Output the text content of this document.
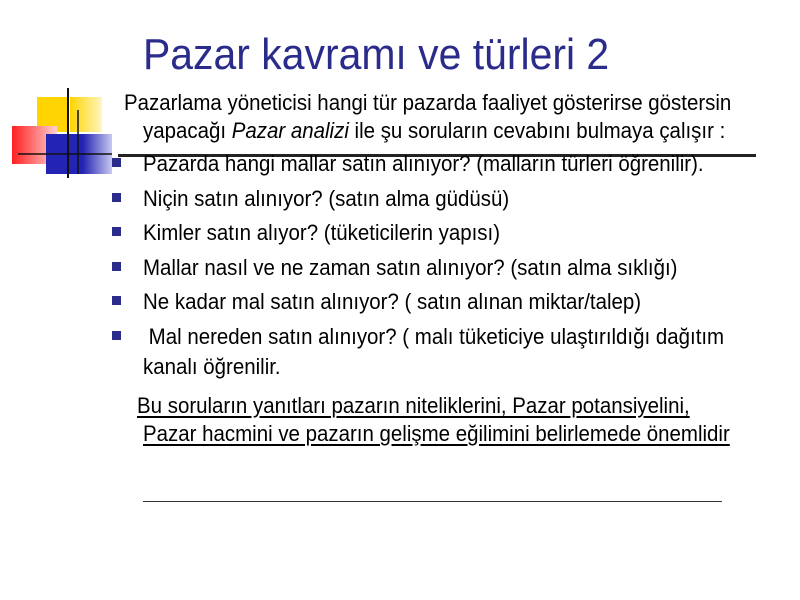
Pazar kavramı ve türleri 2
Pazarlama yöneticisi hangi tür pazarda faaliyet gösterirse göstersin
yapacağı Pazar analizi ile şu soruların cevabını bulmaya çalışır :
Pazarda hangi mallar satın alınıyor? (malların türleri öğrenilir).
Niçin satın alınıyor? (satın alma güdüsü)
Kimler satın alıyor? (tüketicilerin yapısı)
Mallar nasıl ve ne zaman satın alınıyor? (satın alma sıklığı)
Ne kadar mal satın alınıyor? ( satın alınan miktar/talep)
Mal nereden satın alınıyor? ( malı tüketiciye ulaştırıldığı dağıtım
kanalı öğrenilir.
Bu soruların yanıtları pazarın niteliklerini, Pazar potansiyelini,
Pazar hacmini ve pazarın gelişme eğilimini belirlemede önemlidir
